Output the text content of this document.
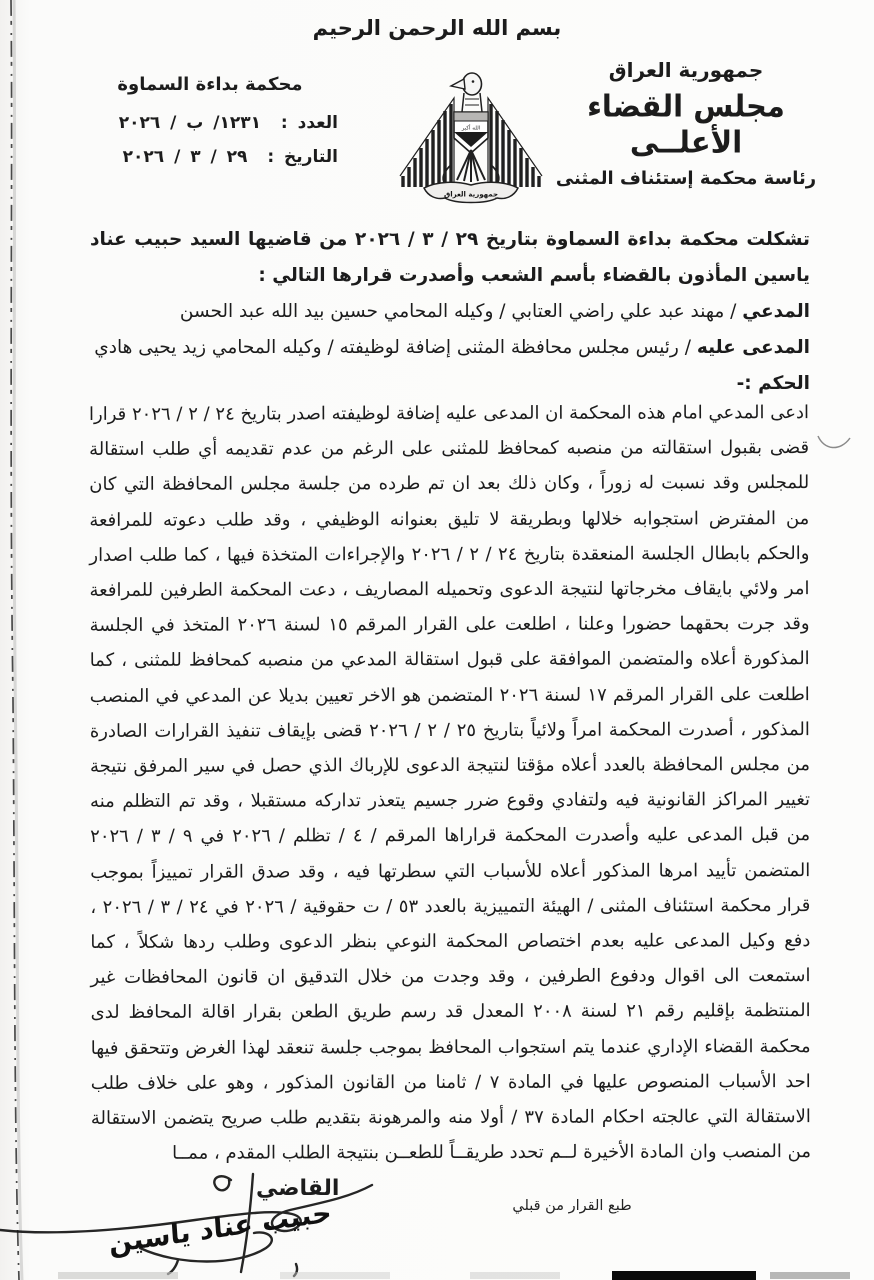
بسم الله الرحمن الرحيم
جمهورية العراق
مجلس القضاء الأعلــى
رئاسة محكمة إستئناف المثنى
الله أكبر
جمهورية العراق
محكمة بداءة السماوة
العدد : ١٢٣١/ ب / ٢٠٢٦
التاريخ : ٢٩ / ٣ / ٢٠٢٦
تشكلت محكمة بداءة السماوة بتاريخ ٢٩ / ٣ / ٢٠٢٦ من قاضيها السيد حبيب عناد ياسين المأذون بالقضاء بأسم الشعب وأصدرت قرارها التالي :
المدعي / مهند عبد علي راضي العتابي / وكيله المحامي حسين بيد الله عبد الحسن
المدعى عليه / رئيس مجلس محافظة المثنى إضافة لوظيفته / وكيله المحامي زيد يحيى هادي
الحكم :-
ادعى المدعي امام هذه المحكمة ان المدعى عليه إضافة لوظيفته اصدر بتاريخ ٢٤ / ٢ / ٢٠٢٦ قرارا قضى بقبول استقالته من منصبه كمحافظ للمثنى على الرغم من عدم تقديمه أي طلب استقالة للمجلس وقد نسبت له زوراً ، وكان ذلك بعد ان تم طرده من جلسة مجلس المحافظة التي كان من المفترض استجوابه خلالها وبطريقة لا تليق بعنوانه الوظيفي ، وقد طلب دعوته للمرافعة والحكم بابطال الجلسة المنعقدة بتاريخ ٢٤ / ٢ / ٢٠٢٦ والإجراءات المتخذة فيها ، كما طلب اصدار امر ولائي بايقاف مخرجاتها لنتيجة الدعوى وتحميله المصاريف ، دعت المحكمة الطرفين للمرافعة وقد جرت بحقهما حضورا وعلنا ، اطلعت على القرار المرقم ١٥ لسنة ٢٠٢٦ المتخذ في الجلسة المذكورة أعلاه والمتضمن الموافقة على قبول استقالة المدعي من منصبه كمحافظ للمثنى ، كما اطلعت على القرار المرقم ١٧ لسنة ٢٠٢٦ المتضمن هو الاخر تعيين بديلا عن المدعي في المنصب المذكور ، أصدرت المحكمة امراً ولائياً بتاريخ ٢٥ / ٢ / ٢٠٢٦ قضى بإيقاف تنفيذ القرارات الصادرة من مجلس المحافظة بالعدد أعلاه مؤقتا لنتيجة الدعوى للإرباك الذي حصل في سير المرفق نتيجة تغيير المراكز القانونية فيه ولتفادي وقوع ضرر جسيم يتعذر تداركه مستقبلا ، وقد تم التظلم منه من قبل المدعى عليه وأصدرت المحكمة قراراها المرقم / ٤ / تظلم / ٢٠٢٦ في ٩ / ٣ / ٢٠٢٦ المتضمن تأييد امرها المذكور أعلاه للأسباب التي سطرتها فيه ، وقد صدق القرار تمييزاً بموجب قرار محكمة استئناف المثنى / الهيئة التمييزية بالعدد ٥٣ / ت حقوقية / ٢٠٢٦ في ٢٤ / ٣ / ٢٠٢٦ ، دفع وكيل المدعى عليه بعدم اختصاص المحكمة النوعي بنظر الدعوى وطلب ردها شكلاً ، كما استمعت الى اقوال ودفوع الطرفين ، وقد وجدت من خلال التدقيق ان قانون المحافظات غير المنتظمة بإقليم رقم ٢١ لسنة ٢٠٠٨ المعدل قد رسم طريق الطعن بقرار اقالة المحافظ لدى محكمة القضاء الإداري عندما يتم استجواب المحافظ بموجب جلسة تنعقد لهذا الغرض وتتحقق فيها احد الأسباب المنصوص عليها في المادة ٧ / ثامنا من القانون المذكور ، وهو على خلاف طلب الاستقالة التي عالجته احكام المادة ٣٧ / أولا منه والمرهونة بتقديم طلب صريح يتضمن الاستقالة من المنصب وان المادة الأخيرة لــم تحدد طريقــاً للطعــن بنتيجة الطلب المقدم ، ممــا
طبع القرار من قبلي
القاضي
حبيب عناد ياسين
